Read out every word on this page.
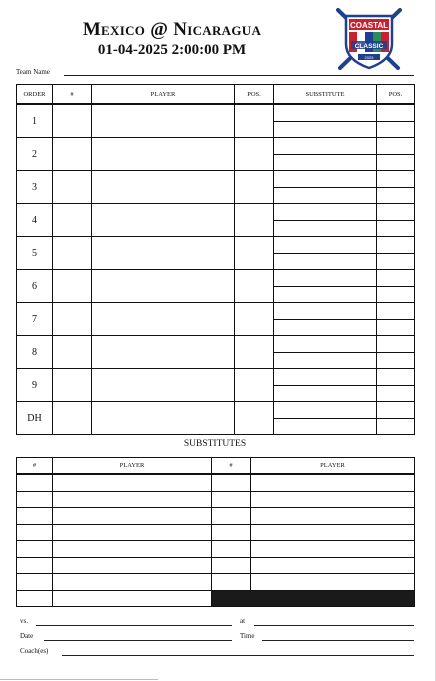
Mexico @ Nicaragua
01-04-2025 2:00:00 PM
COASTAL
CLASSIC
2025
Team Name
ORDER	#	PLAYER	POS.	SUBSTITUTE	POS.
1				

2				

3				

4				

5				

6				

7				

8				

9				

DH				

SUBSTITUTES
#	PLAYER	#	PLAYER

vs.	at
Date	Time
Coach(es)
